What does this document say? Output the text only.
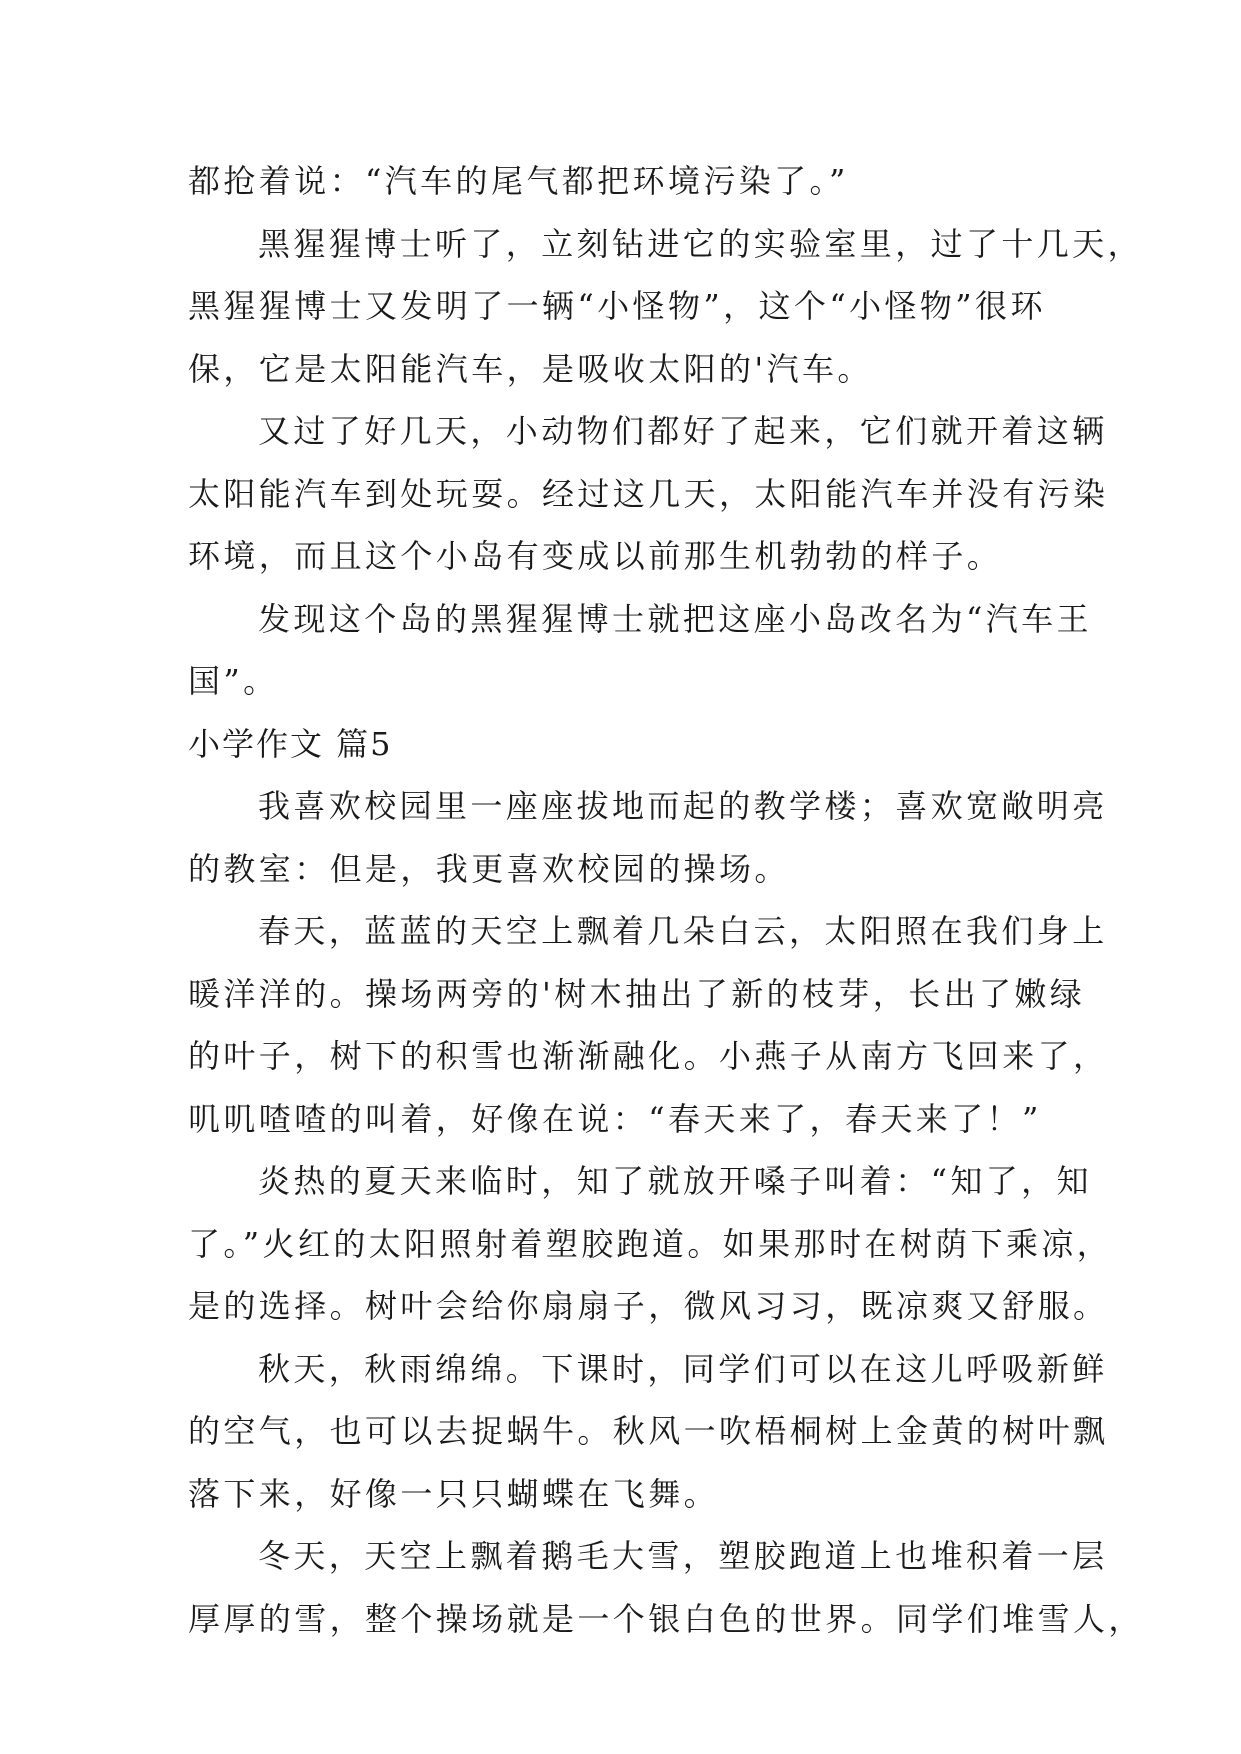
都抢着说：“汽车的尾气都把环境污染了。”
黑猩猩博士听了，立刻钻进它的实验室里，过了十几天，
黑猩猩博士又发明了一辆“小怪物”，这个“小怪物”很环
保，它是太阳能汽车，是吸收太阳的'汽车。
又过了好几天，小动物们都好了起来，它们就开着这辆
太阳能汽车到处玩耍。经过这几天，太阳能汽车并没有污染
环境，而且这个小岛有变成以前那生机勃勃的样子。
发现这个岛的黑猩猩博士就把这座小岛改名为“汽车王
国”。
小学作文 篇5
我喜欢校园里一座座拔地而起的教学楼；喜欢宽敞明亮
的教室：但是，我更喜欢校园的操场。
春天，蓝蓝的天空上飘着几朵白云，太阳照在我们身上
暖洋洋的。操场两旁的'树木抽出了新的枝芽，长出了嫩绿
的叶子，树下的积雪也渐渐融化。小燕子从南方飞回来了，
叽叽喳喳的叫着，好像在说：“春天来了，春天来了！”
炎热的夏天来临时，知了就放开嗓子叫着：“知了，知
了。”火红的太阳照射着塑胶跑道。如果那时在树荫下乘凉，
是的选择。树叶会给你扇扇子，微风习习，既凉爽又舒服。
秋天，秋雨绵绵。下课时，同学们可以在这儿呼吸新鲜
的空气，也可以去捉蜗牛。秋风一吹梧桐树上金黄的树叶飘
落下来，好像一只只蝴蝶在飞舞。
冬天，天空上飘着鹅毛大雪，塑胶跑道上也堆积着一层
厚厚的雪，整个操场就是一个银白色的世界。同学们堆雪人，
